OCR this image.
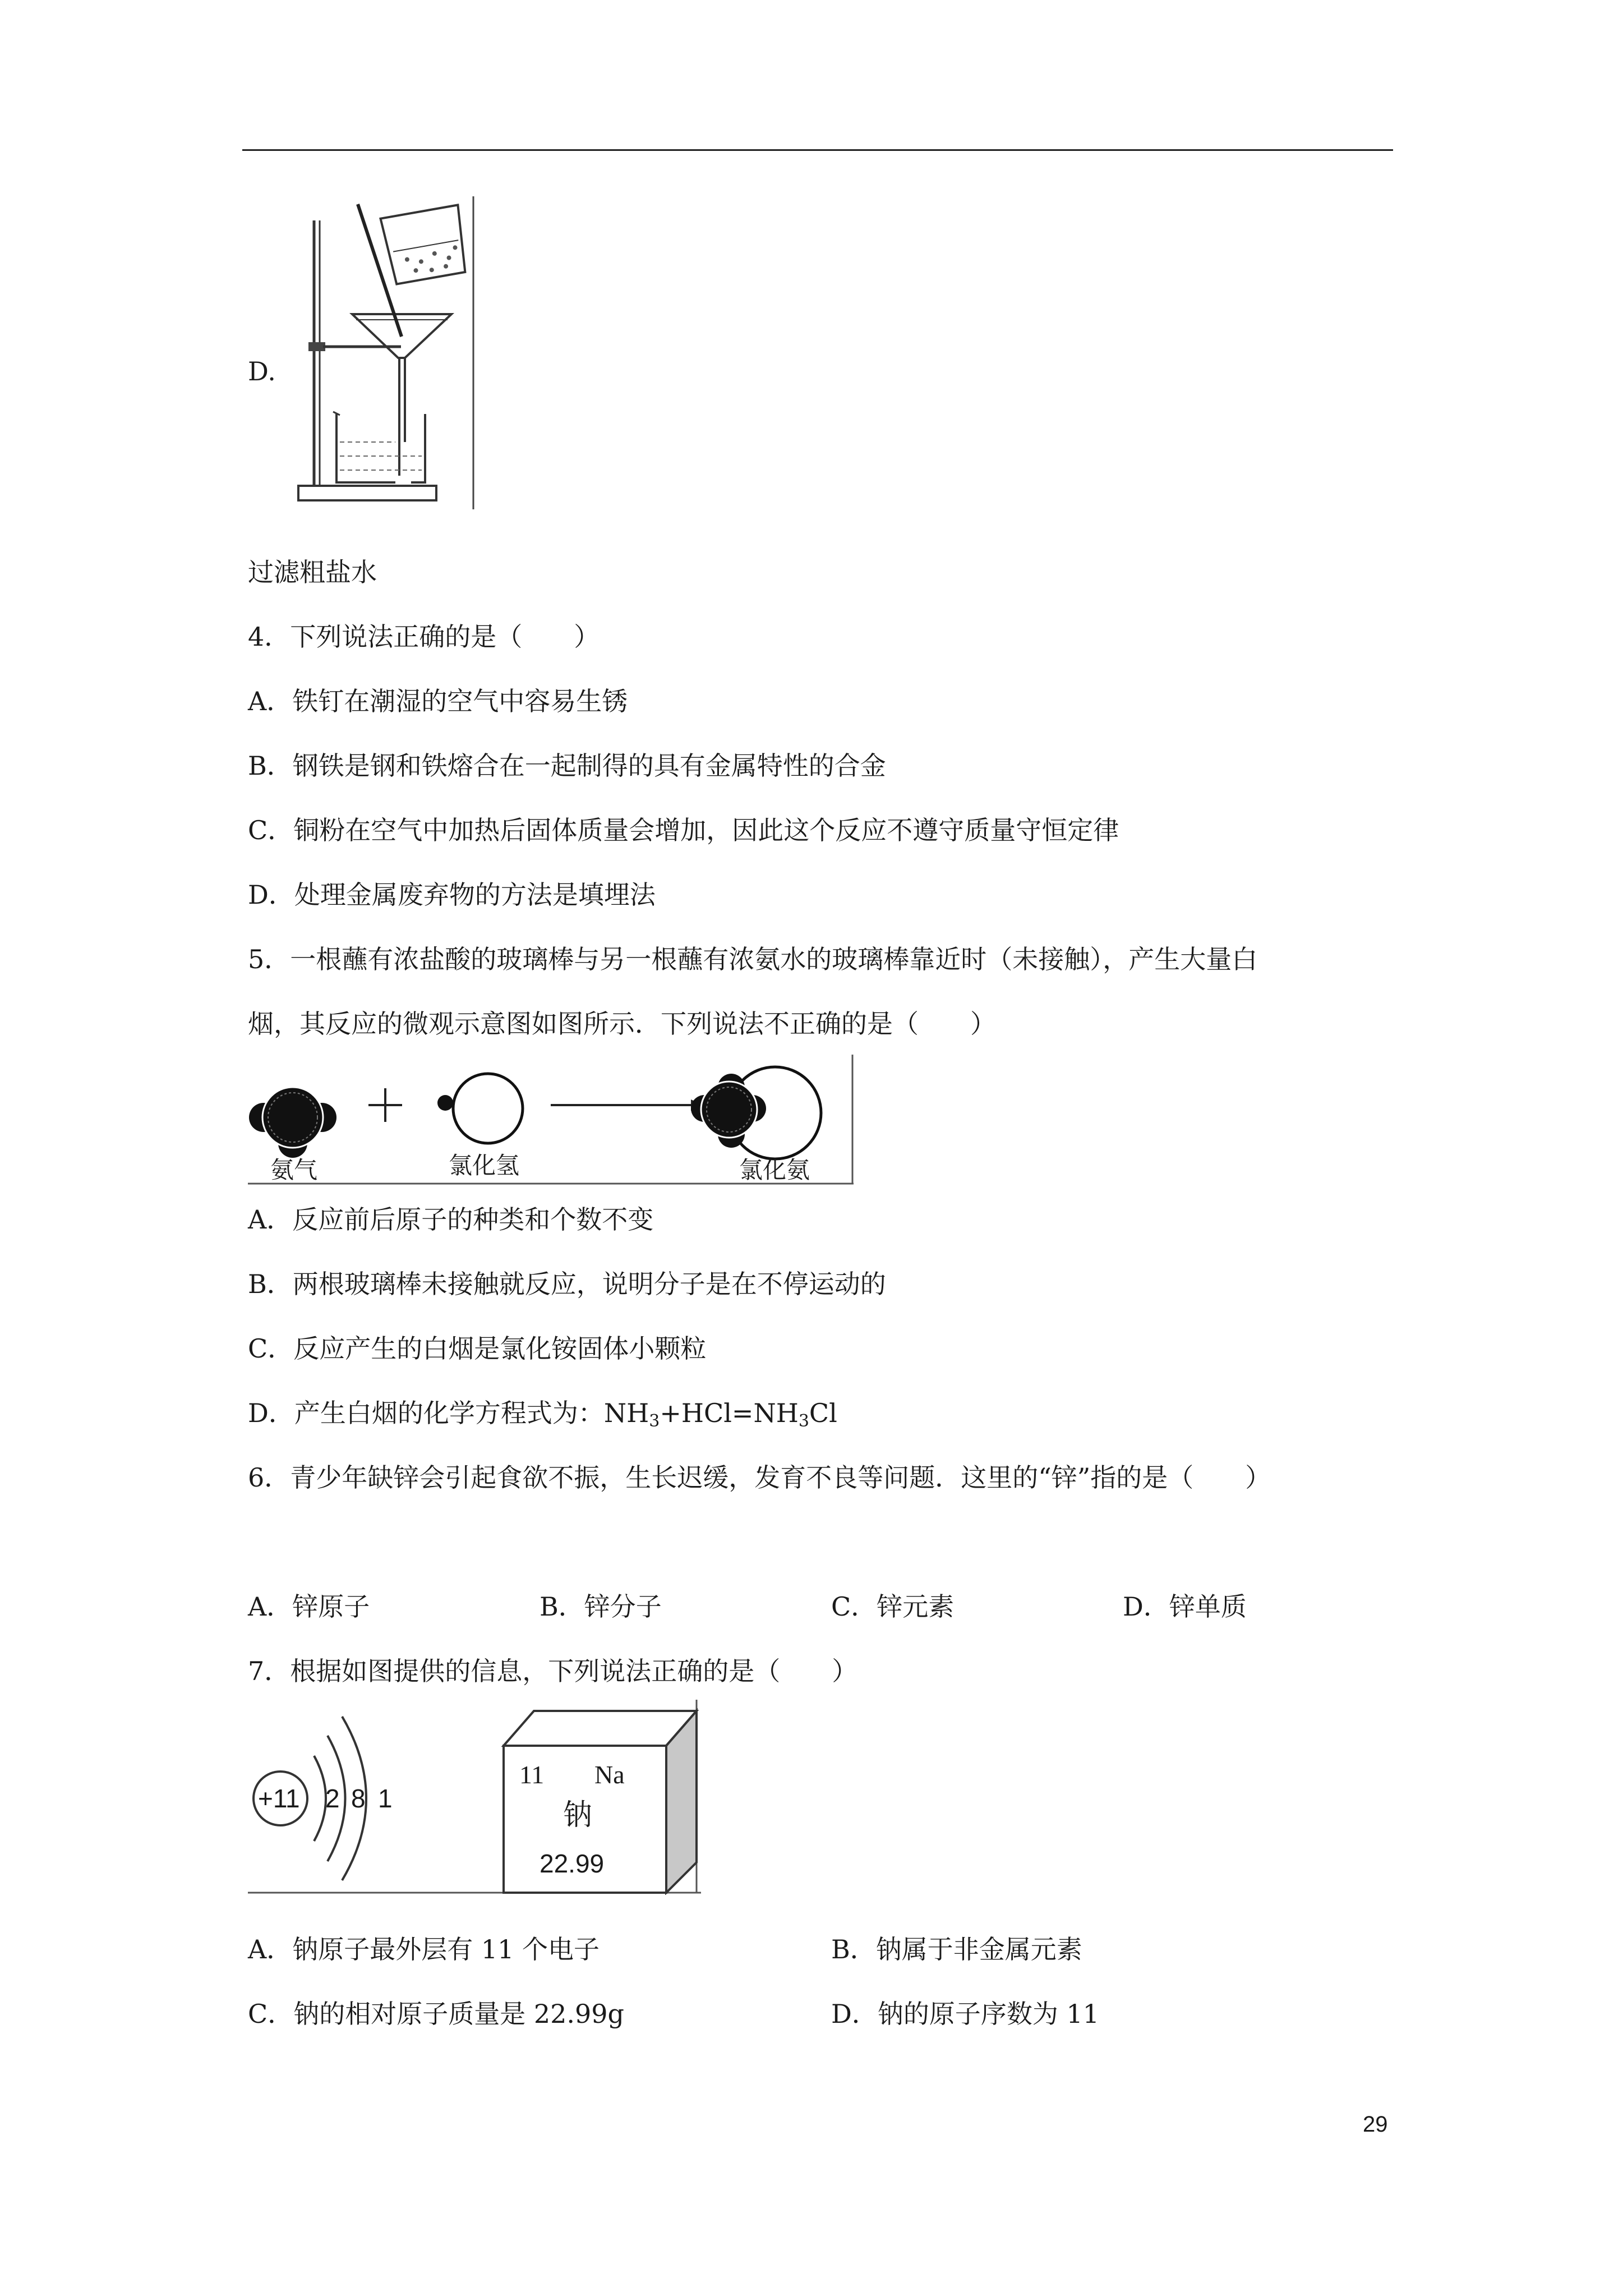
D.
过滤粗盐水
4．下列说法正确的是（　　）
A．铁钉在潮湿的空气中容易生锈
B．钢铁是钢和铁熔合在一起制得的具有金属特性的合金
C．铜粉在空气中加热后固体质量会增加，因此这个反应不遵守质量守恒定律
D．处理金属废弃物的方法是填埋法
5．一根蘸有浓盐酸的玻璃棒与另一根蘸有浓氨水的玻璃棒靠近时（未接触），产生大量白
烟，其反应的微观示意图如图所示．下列说法不正确的是（　　）
氨气	氯化氢	氯化氨
A．反应前后原子的种类和个数不变
B．两根玻璃棒未接触就反应，说明分子是在不停运动的
C．反应产生的白烟是氯化铵固体小颗粒
D．产生白烟的化学方程式为：$NH_3+HCl=NH_3Cl$
6．青少年缺锌会引起食欲不振，生长迟缓，发育不良等问题．这里的“锌”指的是（　　）
A．锌原子	B．锌分子	C．锌元素	D．锌单质
7．根据如图提供的信息，下列说法正确的是（　　）
+11 2 8 1
11 Na
钠
22.99
A．钠原子最外层有 11 个电子	B．钠属于非金属元素
C．钠的相对原子质量是 22.99g	D．钠的原子序数为 11
29
